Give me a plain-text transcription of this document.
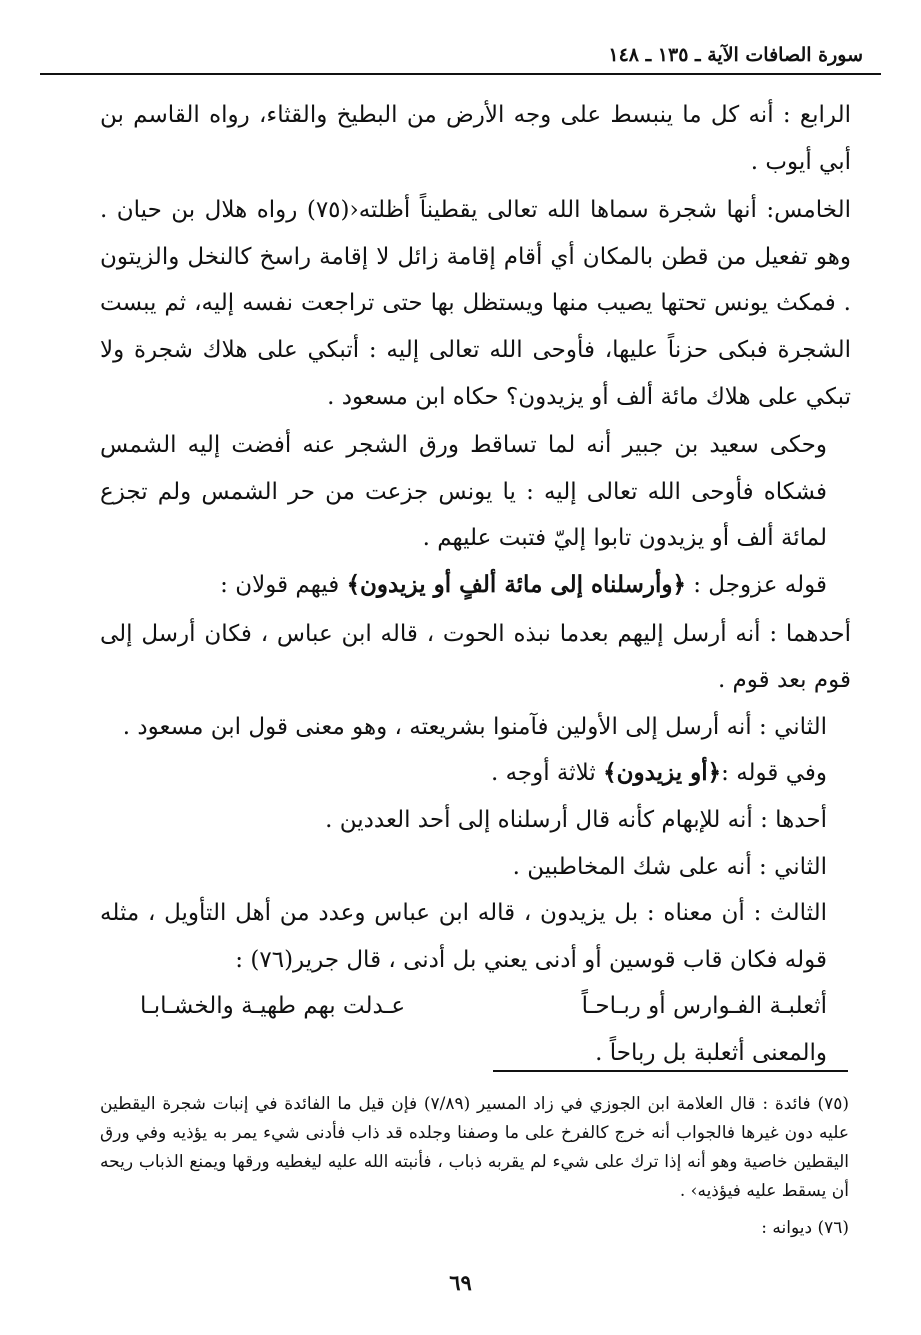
سورة الصافات الآية ـ ١٣٥ ـ ١٤٨

الرابع : أنه كل ما ينبسط على وجه الأرض من البطيخ والقثاء، رواه القاسم بن أبي أيوب .

الخامس: أنها شجرة سماها الله تعالى يقطيناً أظلته‹(٧٥) رواه هلال بن حيان . وهو تفعيل من قطن بالمكان أي أقام إقامة زائل لا إقامة راسخ كالنخل والزيتون . فمكث يونس تحتها يصيب منها ويستظل بها حتى تراجعت نفسه إليه، ثم يبست الشجرة فبكى حزناً عليها، فأوحى الله تعالى إليه : أتبكي على هلاك شجرة ولا تبكي على هلاك مائة ألف أو يزيدون؟ حكاه ابن مسعود .

وحكى سعيد بن جبير أنه لما تساقط ورق الشجر عنه أفضت إليه الشمس فشكاه فأوحى الله تعالى إليه : يا يونس جزعت من حر الشمس ولم تجزع لمائة ألف أو يزيدون تابوا إليّ فتبت عليهم .

قوله عزوجل : ﴿وأرسلناه إلى مائة ألفٍ أو يزيدون﴾ فيهم قولان :

أحدهما : أنه أرسل إليهم بعدما نبذه الحوت ، قاله ابن عباس ، فكان أرسل إلى قوم بعد قوم .

الثاني : أنه أرسل إلى الأولين فآمنوا بشريعته ، وهو معنى قول ابن مسعود .

وفي قوله :﴿أو يزيدون﴾ ثلاثة أوجه .

أحدها : أنه للإبهام كأنه قال أرسلناه إلى أحد العددين .

الثاني : أنه على شك المخاطبين .

الثالث : أن معناه : بل يزيدون ، قاله ابن عباس وعدد من أهل التأويل ، مثله قوله فكان قاب قوسين أو أدنى يعني بل أدنى ، قال جرير(٧٦) :

أثعلبـة الفـوارس أو ربـاحـاً
عـدلت بهم طهيـة والخشـابـا
والمعنى أثعلبة بل رباحاً .

(٧٥) فائدة : قال العلامة ابن الجوزي في زاد المسير (٧/٨٩) فإن قيل ما الفائدة في إنبات شجرة اليقطين عليه دون غيرها فالجواب أنه خرج كالفرخ على ما وصفنا وجلده قد ذاب فأدنى شيء يمر به يؤذيه وفي ورق اليقطين خاصية وهو أنه إذا ترك على شيء لم يقربه ذباب ، فأنبته الله عليه ليغطيه ورقها ويمنع الذباب ريحه أن يسقط عليه فيؤذيه› .

(٧٦) ديوانه :

٦٩
